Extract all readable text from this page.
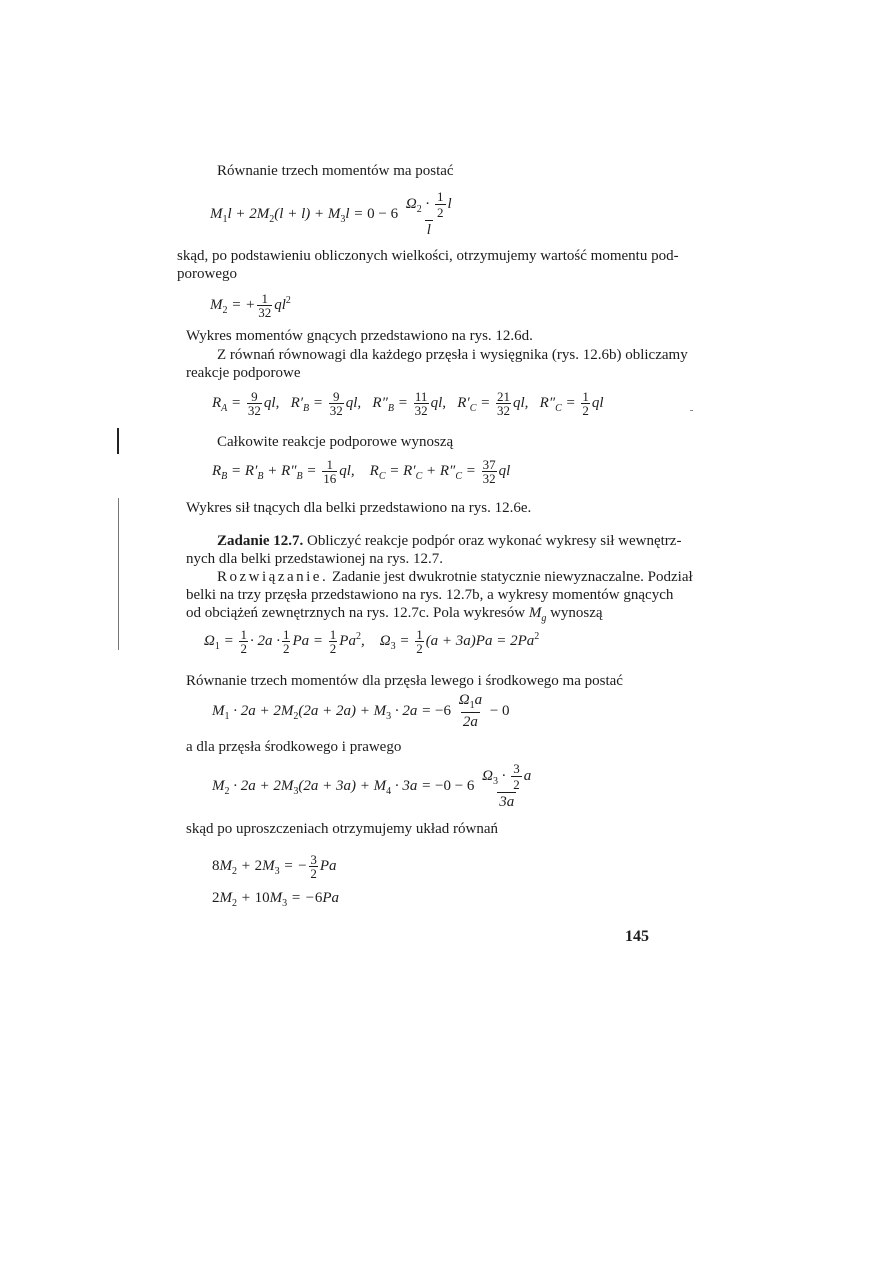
Równanie trzech momentów ma postać
$M_1l + 2M_2(l + l) + M_3l = 0 - 6 \frac{\Omega_2 \cdot \frac{1}{2} l}{l}$
skąd, po podstawieniu obliczonych wielkości, otrzymujemy wartość momentu pod-
porowego
$M_2$ = + $\frac{1}{32} ql^2$
Wykres momentów gnących przedstawiono na rys. 12.6d.
Z równań równowagi dla każdego przęsła i wysięgnika (rys. 12.6b) obliczamy
reakcje podporowe
$R_A = \frac{9}{32}$ ql,   $R'_B = \frac{9}{32}$ ql,   $R''_B = \frac{11}{32}$ ql,   $R'_C = \frac{21}{32}$ ql,   $R''_C = \frac{1}{2}$ ql
Całkowite reakcje podporowe wynoszą
$R_B = R'_B + R''_B = \frac{1}{16}$ ql,    $R_C = R'_C + R''_C = \frac{37}{32}$ ql
Wykres sił tnących dla belki przedstawiono na rys. 12.6e.
Zadanie 12.7. Obliczyć reakcje podpór oraz wykonać wykresy sił wewnętrz-
nych dla belki przedstawionej na rys. 12.7.
Rozwiązanie. Zadanie jest dwukrotnie statycznie niewyznaczalne. Podział
belki na trzy przęsła przedstawiono na rys. 12.7b, a wykresy momentów gnących
od obciążeń zewnętrznych na rys. 12.7c. Pola wykresów $M_g$ wynoszą
$\Omega_1 = \frac{1}{2} \cdot 2a \cdot \frac{1}{2}$ $Pa = \frac{1}{2} Pa^2$,    $\Omega_3 = \frac{1}{2} (a + 3a)Pa = 2Pa^2$
Równanie trzech momentów dla przęsła lewego i środkowego ma postać
$M_1 \cdot 2a + 2M_2(2a + 2a) + M_3 \cdot 2a = -6 \frac{\Omega_1a}{2a} - 0$
a dla przęsła środkowego i prawego
$M_2 \cdot 2a + 2M_3(2a + 3a) + M_4 \cdot 3a = -0 - 6 \frac{\Omega_3 \cdot \frac{3}{2} a}{3a}$
skąd po uproszczeniach otrzymujemy układ równań
$8M_2 + 2M_3$ = − $\frac{3}{2}$ Pa
$2M_2 + 10M_3 = -6Pa$
145
